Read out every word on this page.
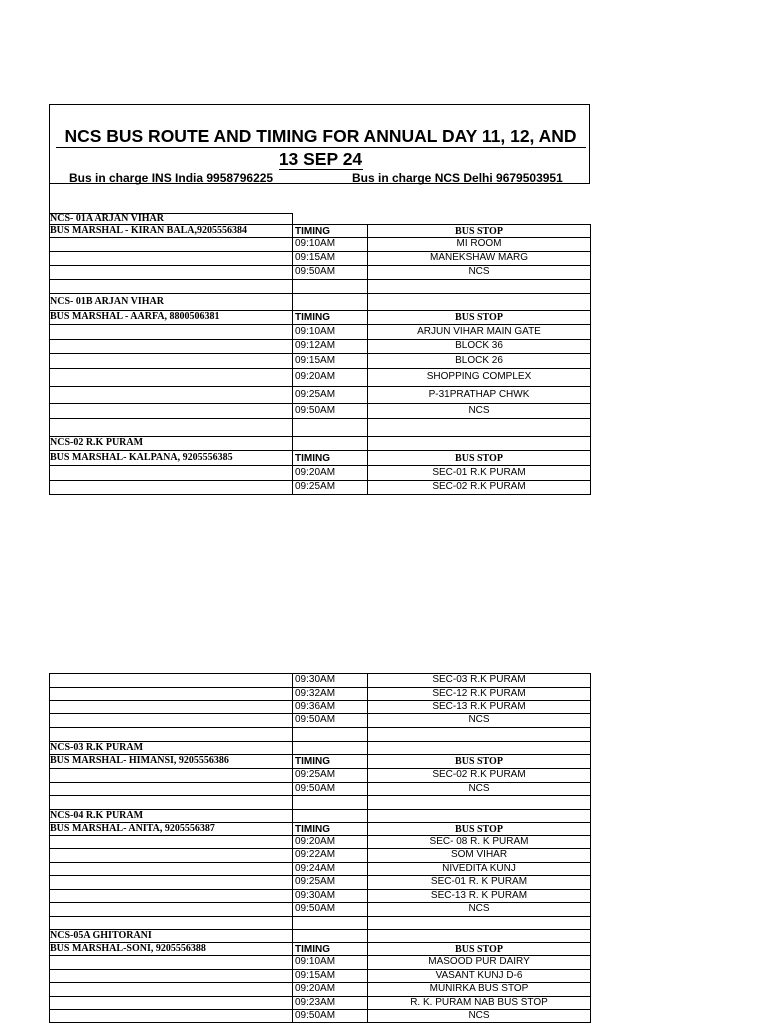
NCS BUS ROUTE AND TIMING FOR ANNUAL DAY 11, 12, AND
13 SEP 24
Bus in charge INS India 9958796225	Bus in charge NCS Delhi 9679503951
NCS- 01A ARJAN VIHAR
BUS MARSHAL - KIRAN BALA,9205556384	TIMING	BUS STOP
09:10AM	MI ROOM
09:15AM	MANEKSHAW MARG
09:50AM	NCS
NCS- 01B ARJAN VIHAR
BUS MARSHAL - AARFA, 8800506381	TIMING	BUS STOP
09:10AM	ARJUN VIHAR MAIN GATE
09:12AM	BLOCK 36
09:15AM	BLOCK 26
09:20AM	SHOPPING COMPLEX
09:25AM	P-31PRATHAP CHWK
09:50AM	NCS
NCS-02 R.K PURAM
BUS MARSHAL- KALPANA, 9205556385	TIMING	BUS STOP
09:20AM	SEC-01 R.K PURAM
09:25AM	SEC-02 R.K PURAM
09:30AM	SEC-03 R.K PURAM
09:32AM	SEC-12 R.K PURAM
09:36AM	SEC-13 R.K PURAM
09:50AM	NCS
NCS-03 R.K PURAM
BUS MARSHAL- HIMANSI, 9205556386	TIMING	BUS STOP
09:25AM	SEC-02 R.K PURAM
09:50AM	NCS
NCS-04 R.K PURAM
BUS MARSHAL- ANITA, 9205556387	TIMING	BUS STOP
09:20AM	SEC- 08 R. K PURAM
09:22AM	SOM VIHAR
09:24AM	NIVEDITA KUNJ
09:25AM	SEC-01 R. K PURAM
09:30AM	SEC-13 R. K PURAM
09:50AM	NCS
NCS-05A GHITORANI
BUS MARSHAL-SONI, 9205556388	TIMING	BUS STOP
09:10AM	MASOOD PUR DAIRY
09:15AM	VASANT KUNJ D-6
09:20AM	MUNIRKA BUS STOP
09:23AM	R. K. PURAM NAB BUS STOP
09:50AM	NCS
